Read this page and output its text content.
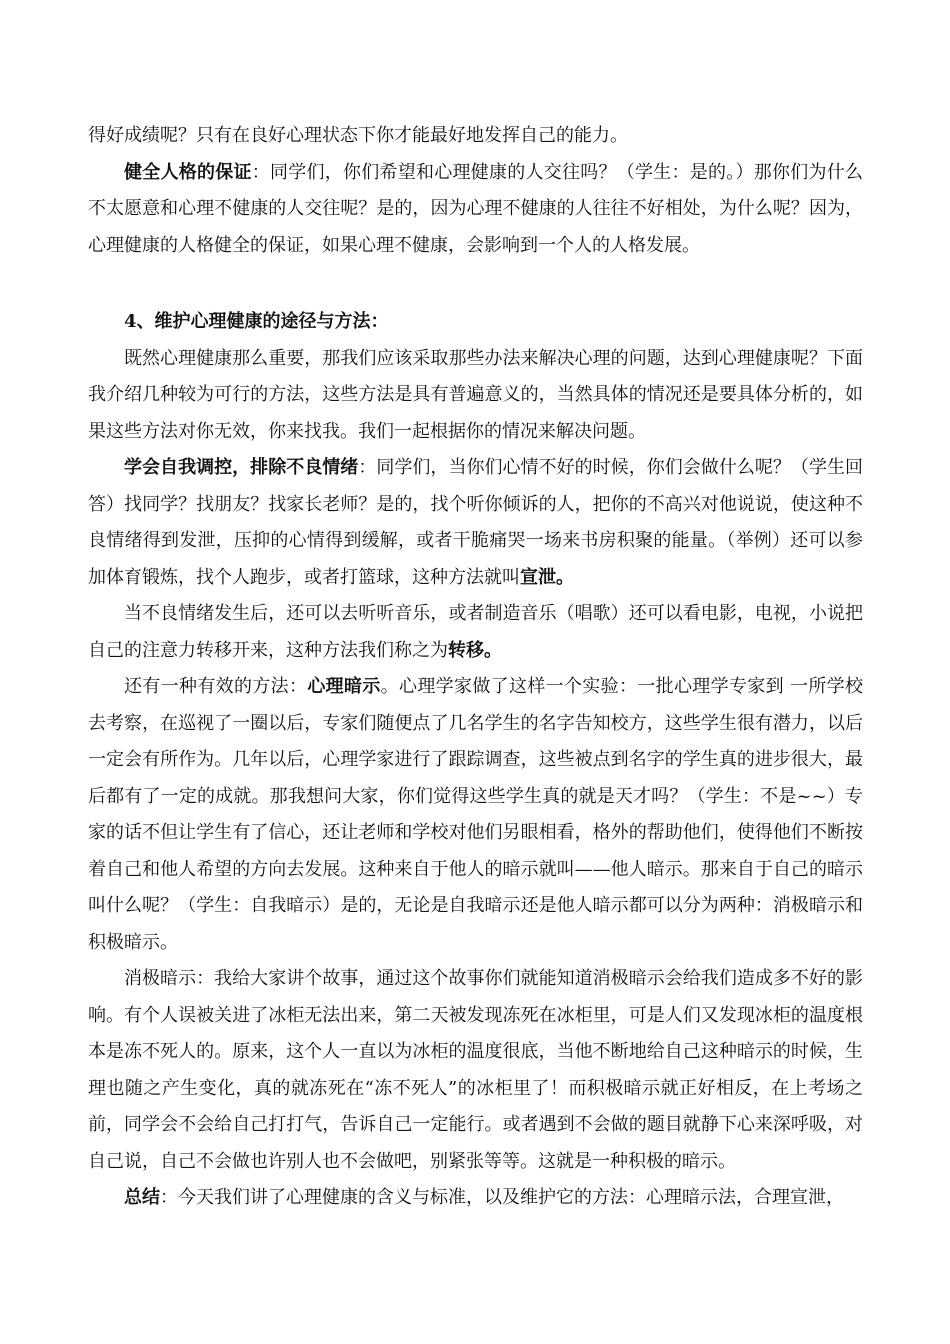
得好成绩呢？只有在良好心理状态下你才能最好地发挥自己的能力。

健全人格的保证：同学们，你们希望和心理健康的人交往吗？（学生：是的。）那你们为什么不太愿意和心理不健康的人交往呢？是的，因为心理不健康的人往往不好相处，为什么呢？因为，心理健康的人格健全的保证，如果心理不健康，会影响到一个人的人格发展。

4、维护心理健康的途径与方法：

既然心理健康那么重要，那我们应该采取那些办法来解决心理的问题，达到心理健康呢？下面我介绍几种较为可行的方法，这些方法是具有普遍意义的，当然具体的情况还是要具体分析的，如果这些方法对你无效，你来找我。我们一起根据你的情况来解决问题。

学会自我调控，排除不良情绪：同学们，当你们心情不好的时候，你们会做什么呢？（学生回答）找同学？找朋友？找家长老师？是的，找个听你倾诉的人，把你的不高兴对他说说，使这种不良情绪得到发泄，压抑的心情得到缓解，或者干脆痛哭一场来书房积聚的能量。（举例）还可以参加体育锻炼，找个人跑步，或者打篮球，这种方法就叫宣泄。

当不良情绪发生后，还可以去听听音乐，或者制造音乐（唱歌）还可以看电影，电视，小说把自己的注意力转移开来，这种方法我们称之为转移。

还有一种有效的方法：心理暗示。心理学家做了这样一个实验：一批心理学专家到 一所学校去考察，在巡视了一圈以后，专家们随便点了几名学生的名字告知校方，这些学生很有潜力，以后一定会有所作为。几年以后，心理学家进行了跟踪调查，这些被点到名字的学生真的进步很大，最后都有了一定的成就。那我想问大家，你们觉得这些学生真的就是天才吗？（学生：不是~~）专家的话不但让学生有了信心，还让老师和学校对他们另眼相看，格外的帮助他们，使得他们不断按着自己和他人希望的方向去发展。这种来自于他人的暗示就叫——他人暗示。那来自于自己的暗示叫什么呢？（学生：自我暗示）是的，无论是自我暗示还是他人暗示都可以分为两种：消极暗示和积极暗示。

消极暗示：我给大家讲个故事，通过这个故事你们就能知道消极暗示会给我们造成多不好的影响。有个人误被关进了冰柜无法出来，第二天被发现冻死在冰柜里，可是人们又发现冰柜的温度根本是冻不死人的。原来，这个人一直以为冰柜的温度很底，当他不断地给自己这种暗示的时候，生理也随之产生变化，真的就冻死在“冻不死人”的冰柜里了！而积极暗示就正好相反，在上考场之前，同学会不会给自己打打气，告诉自己一定能行。或者遇到不会做的题目就静下心来深呼吸，对自己说，自己不会做也许别人也不会做吧，别紧张等等。这就是一种积极的暗示。

总结：今天我们讲了心理健康的含义与标准，以及维护它的方法：心理暗示法，合理宣泄，
